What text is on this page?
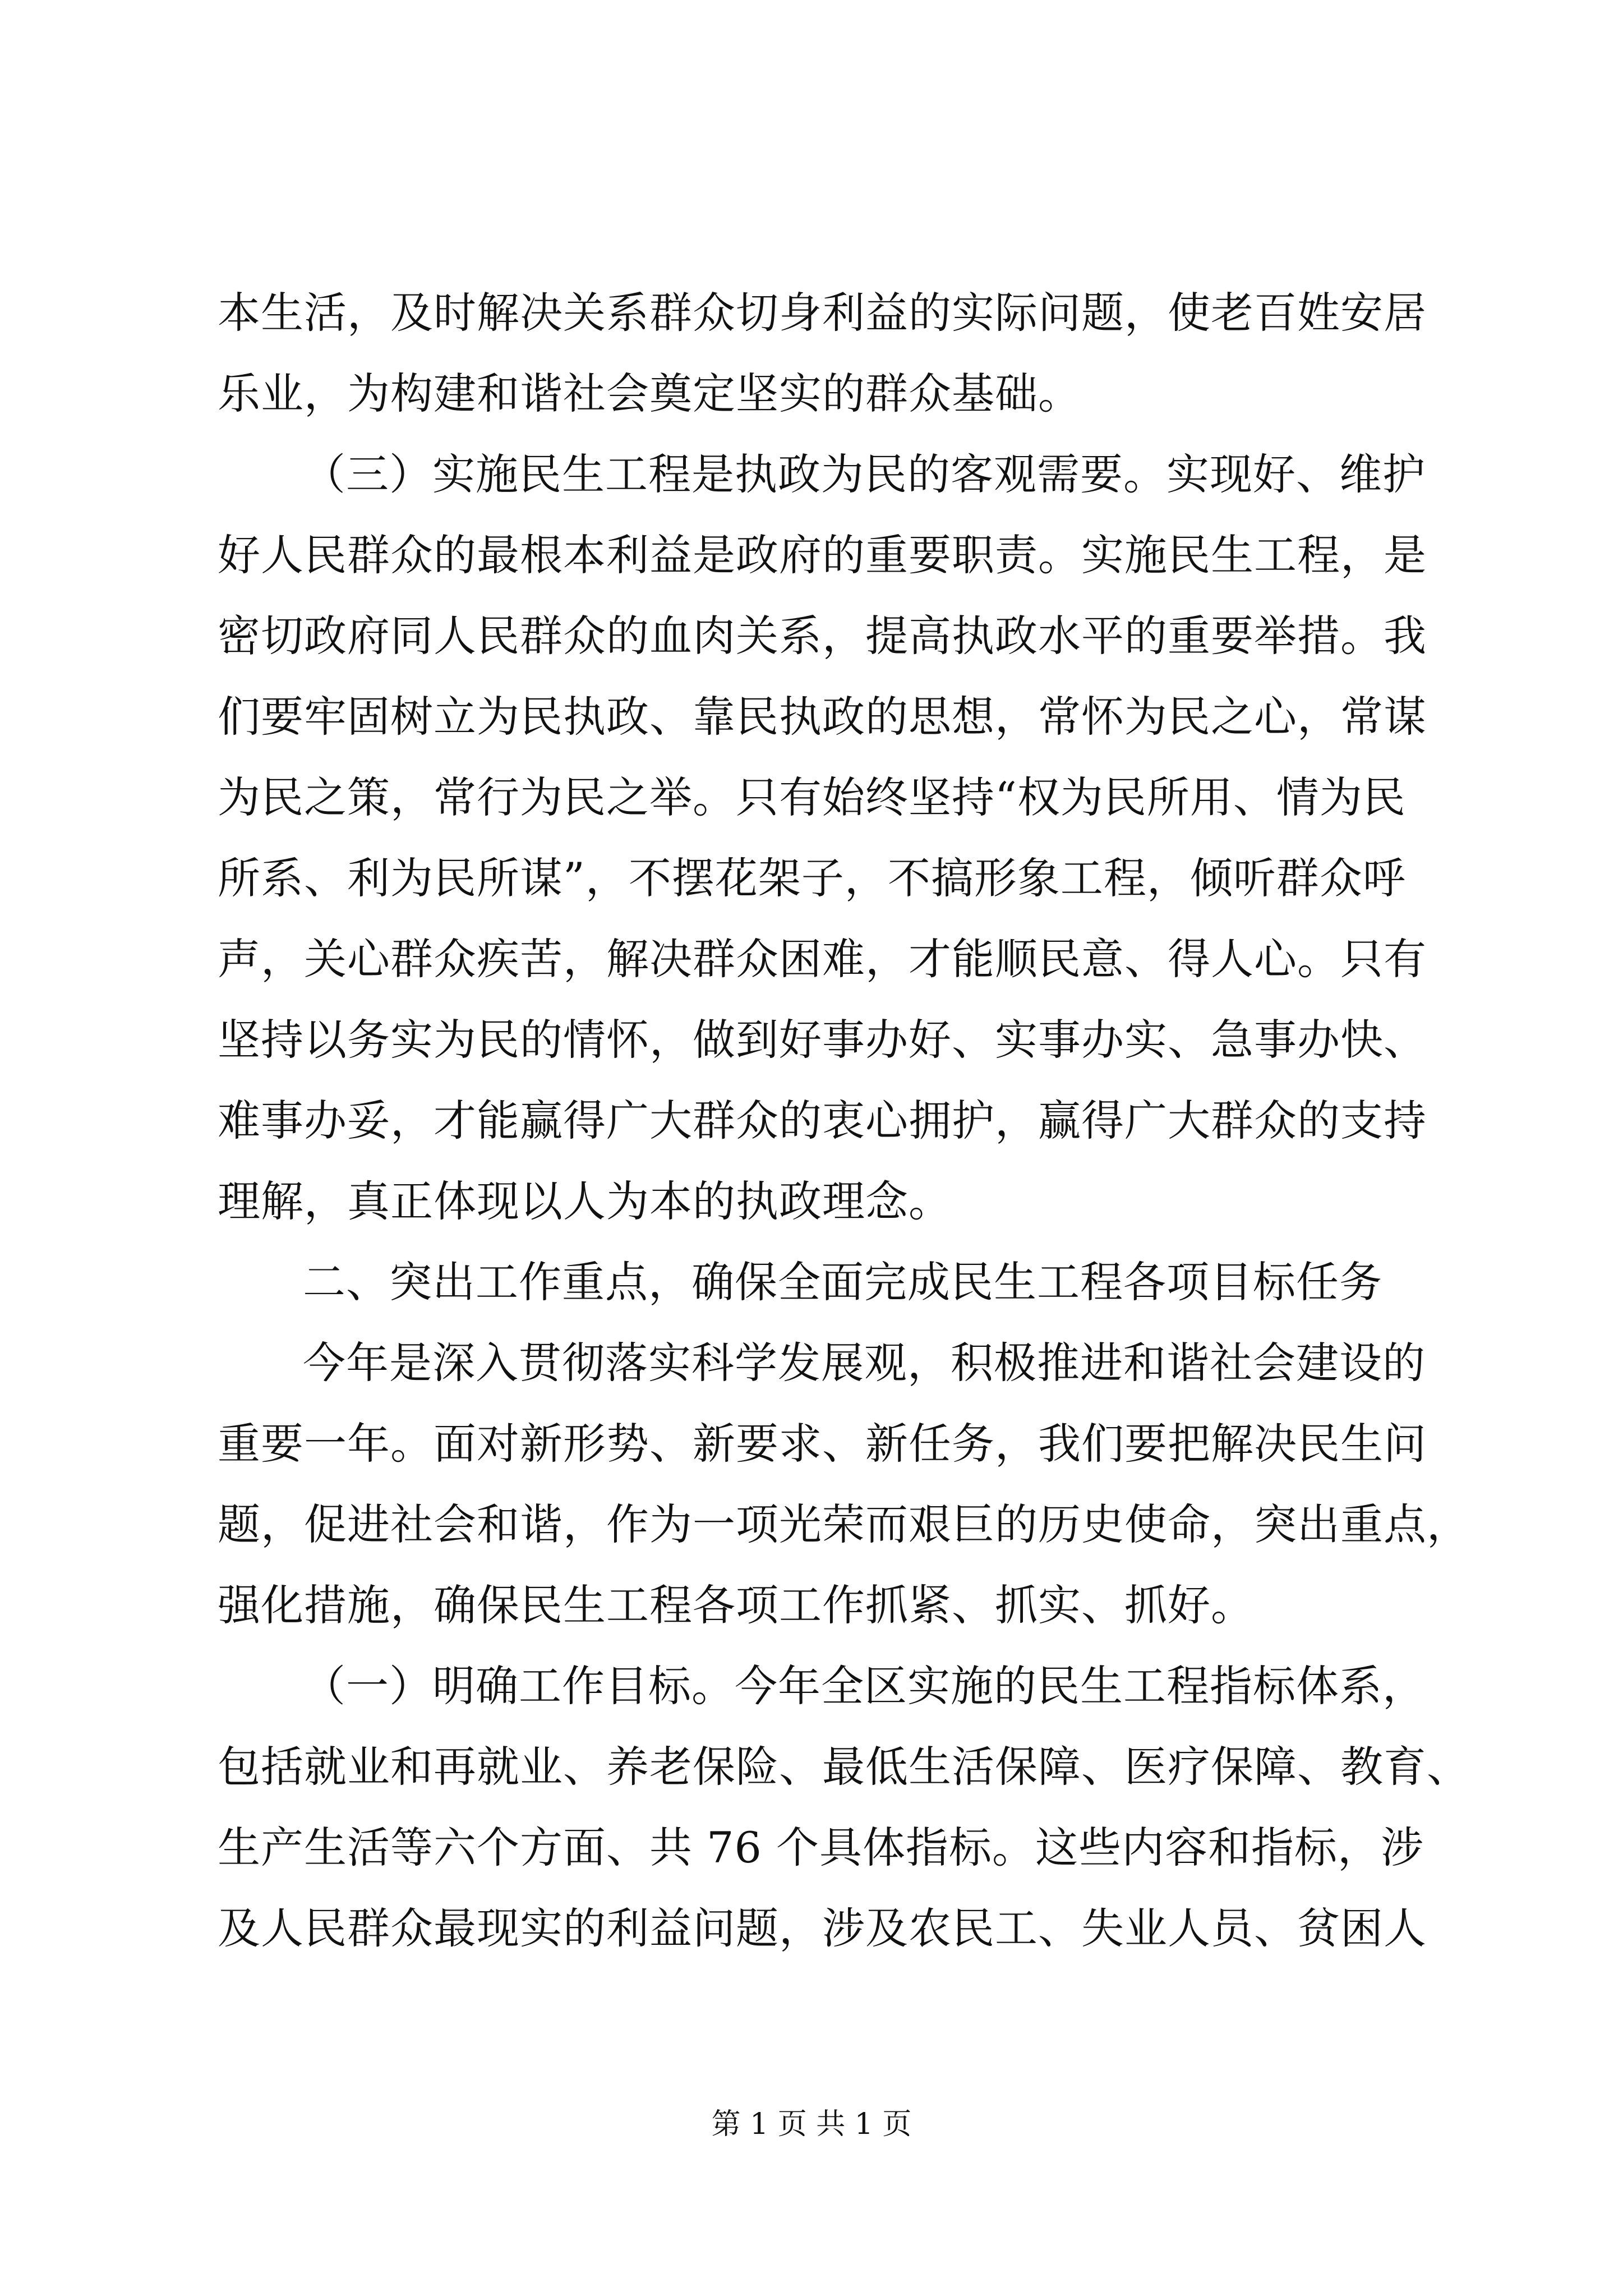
本生活，及时解决关系群众切身利益的实际问题，使老百姓安居
乐业，为构建和谐社会奠定坚实的群众基础。
（三）实施民生工程是执政为民的客观需要。实现好、维护
好人民群众的最根本利益是政府的重要职责。实施民生工程，是
密切政府同人民群众的血肉关系，提高执政水平的重要举措。我
们要牢固树立为民执政、靠民执政的思想，常怀为民之心，常谋
为民之策，常行为民之举。只有始终坚持“权为民所用、情为民
所系、利为民所谋”，不摆花架子，不搞形象工程，倾听群众呼
声，关心群众疾苦，解决群众困难，才能顺民意、得人心。只有
坚持以务实为民的情怀，做到好事办好、实事办实、急事办快、
难事办妥，才能赢得广大群众的衷心拥护，赢得广大群众的支持
理解，真正体现以人为本的执政理念。
二、突出工作重点，确保全面完成民生工程各项目标任务
今年是深入贯彻落实科学发展观，积极推进和谐社会建设的
重要一年。面对新形势、新要求、新任务，我们要把解决民生问
题，促进社会和谐，作为一项光荣而艰巨的历史使命，突出重点，
强化措施，确保民生工程各项工作抓紧、抓实、抓好。
（一）明确工作目标。今年全区实施的民生工程指标体系，
包括就业和再就业、养老保险、最低生活保障、医疗保障、教育、
生产生活等六个方面、共 76 个具体指标。这些内容和指标，涉
及人民群众最现实的利益问题，涉及农民工、失业人员、贫困人
第 1 页 共 1 页
